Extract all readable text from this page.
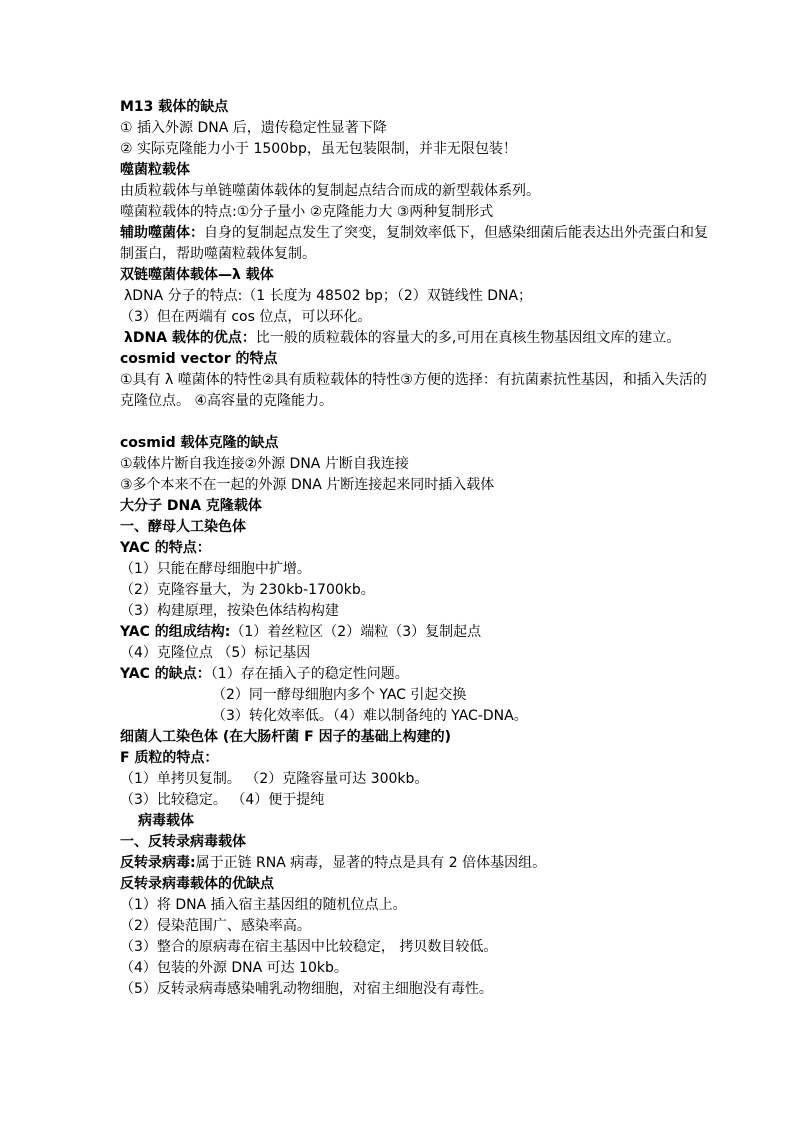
M13 载体的缺点

① 插入外源 DNA 后，遗传稳定性显著下降

② 实际克隆能力小于 1500bp，虽无包装限制，并非无限包装！

噬菌粒载体

由质粒载体与单链噬菌体载体的复制起点结合而成的新型载体系列。

噬菌粒载体的特点:①分子量小 ②克隆能力大 ③两种复制形式

辅助噬菌体：自身的复制起点发生了突变，复制效率低下，但感染细菌后能表达出外壳蛋白和复制蛋白，帮助噬菌粒载体复制。

双链噬菌体载体—λ 载体

λDNA 分子的特点:（1 长度为 48502 bp；（2）双链线性 DNA；

（3）但在两端有 cos 位点，可以环化。

λDNA 载体的优点：比一般的质粒载体的容量大的多,可用在真核生物基因组文库的建立。

cosmid vector 的特点

①具有 λ 噬菌体的特性②具有质粒载体的特性③方便的选择：有抗菌素抗性基因，和插入失活的克隆位点。 ④高容量的克隆能力。

cosmid 载体克隆的缺点

①载体片断自我连接②外源 DNA 片断自我连接

③多个本来不在一起的外源 DNA 片断连接起来同时插入载体

大分子 DNA 克隆载体

一、酵母人工染色体

YAC 的特点：

（1）只能在酵母细胞中扩增。

（2）克隆容量大，为 230kb-1700kb。

（3）构建原理，按染色体结构构建

YAC 的组成结构:（1）着丝粒区（2）端粒（3）复制起点

（4）克隆位点 （5）标记基因

YAC 的缺点：（1）存在插入子的稳定性问题。

（2）同一酵母细胞内多个 YAC 引起交换

（3）转化效率低。（4）难以制备纯的 YAC-DNA。

细菌人工染色体 (在大肠杆菌 F 因子的基础上构建的)

F 质粒的特点：

（1）单拷贝复制。 （2）克隆容量可达 300kb。

（3）比较稳定。 （4）便于提纯

病毒载体

一、反转录病毒载体

反转录病毒:属于正链 RNA 病毒，显著的特点是具有 2 倍体基因组。

反转录病毒载体的优缺点

（1）将 DNA 插入宿主基因组的随机位点上。

（2）侵染范围广、感染率高。

（3）整合的原病毒在宿主基因中比较稳定， 拷贝数目较低。

（4）包装的外源 DNA 可达 10kb。

（5）反转录病毒感染哺乳动物细胞，对宿主细胞没有毒性。
